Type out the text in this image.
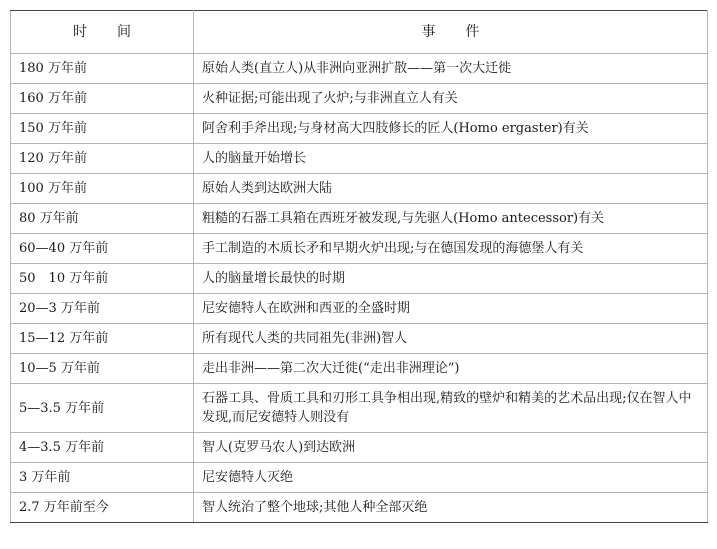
时间	事件
180 万年前	原始人类(直立人)从非洲向亚洲扩散——第一次大迁徙
160 万年前	火种证据;可能出现了火炉;与非洲直立人有关
150 万年前	阿舍利手斧出现;与身材高大四肢修长的匠人(Homo ergaster)有关
120 万年前	人的脑量开始增长
100 万年前	原始人类到达欧洲大陆
80 万年前	粗糙的石器工具箱在西班牙被发现,与先驱人(Homo antecessor)有关
60—40 万年前	手工制造的木质长矛和早期火炉出现;与在德国发现的海德堡人有关
50　10 万年前	人的脑量增长最快的时期
20—3 万年前	尼安德特人在欧洲和西亚的全盛时期
15—12 万年前	所有现代人类的共同祖先(非洲)智人
10—5 万年前	走出非洲——第二次大迁徙(“走出非洲理论”)
5—3.5 万年前	石器工具、骨质工具和刃形工具争相出现,精致的壁炉和精美的艺术品出现;仅在智人中发现,而尼安德特人则没有
4—3.5 万年前	智人(克罗马农人)到达欧洲
3 万年前	尼安德特人灭绝
2.7 万年前至今	智人统治了整个地球;其他人种全部灭绝
